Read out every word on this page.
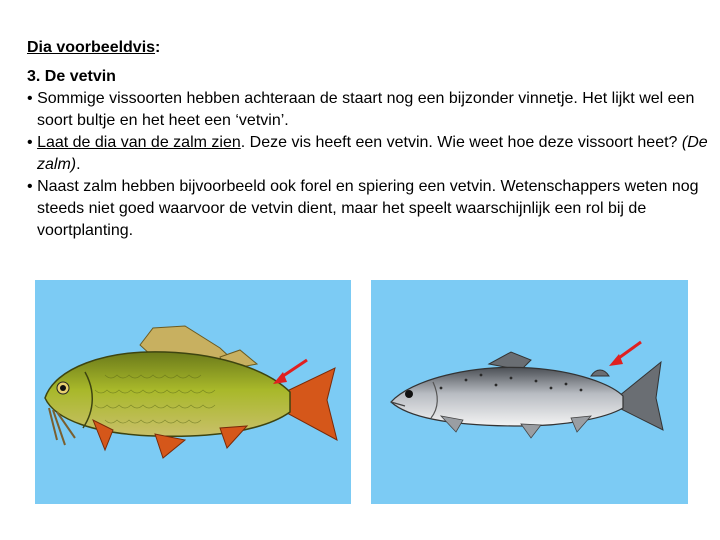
Dia voorbeeldvis:
3. De vetvin
• Sommige vissoorten hebben achteraan de staart nog een bijzonder vinnetje. Het lijkt wel een soort bultje en het heet een ‘vetvin’.
• Laat de dia van de zalm zien. Deze vis heeft een vetvin. Wie weet hoe deze vissoort heet? (De zalm).
• Naast zalm hebben bijvoorbeeld ook forel en spiering een vetvin. Wetenschappers weten nog steeds niet goed waarvoor de vetvin dient, maar het speelt waarschijnlijk een rol bij de voortplanting.
